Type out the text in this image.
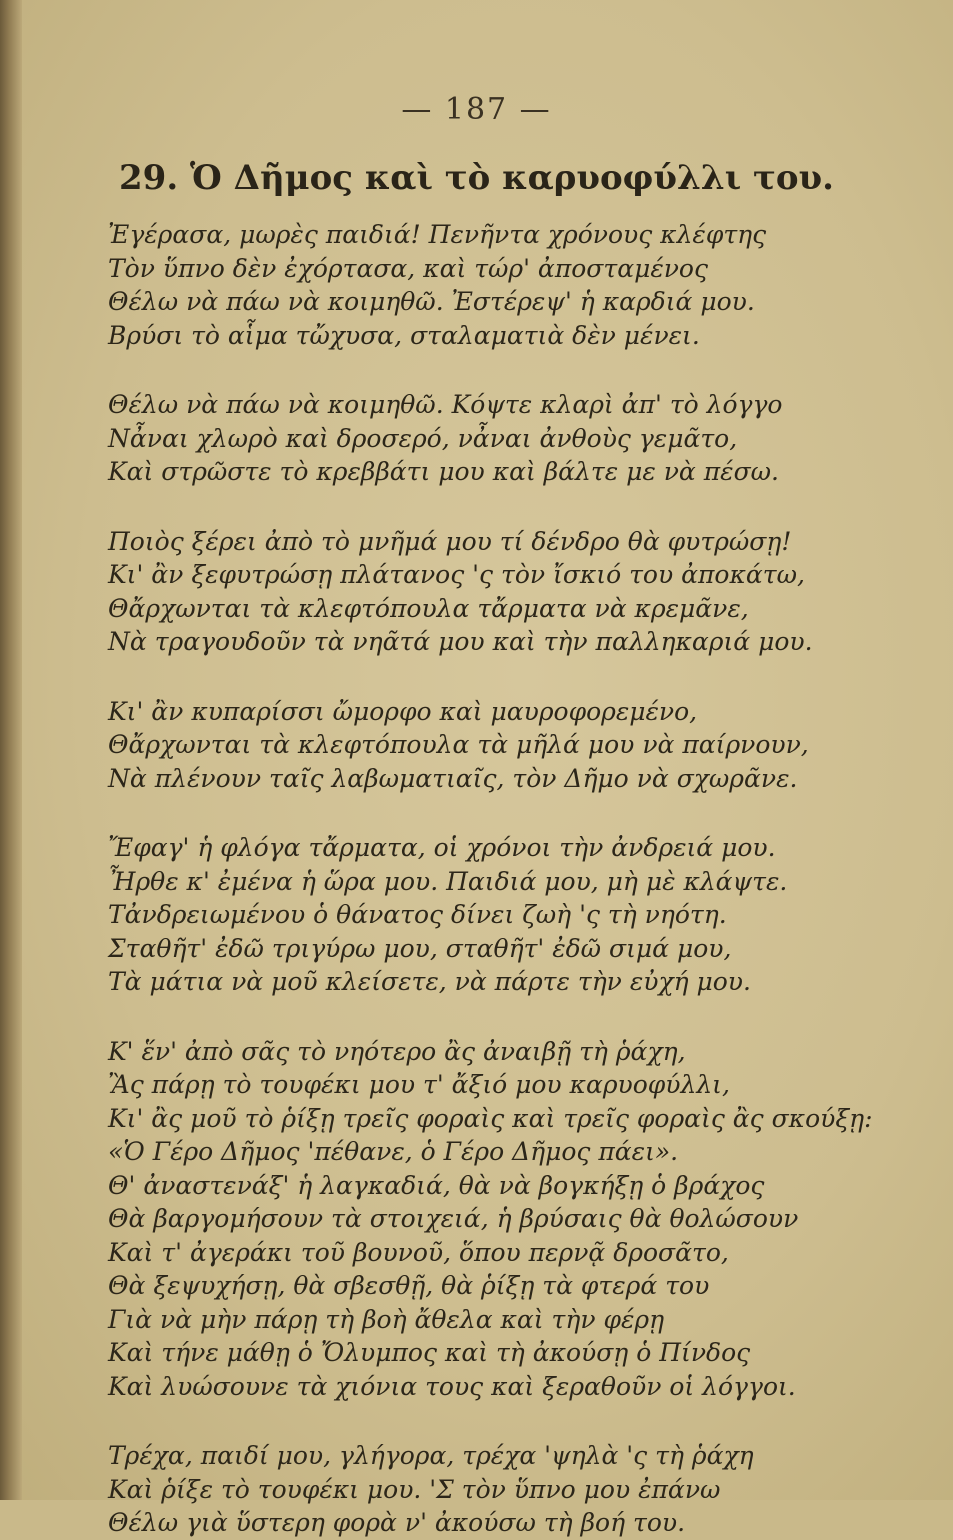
— 187 —
29. Ὁ Δῆμος καὶ τὸ καρυοφύλλι του.
Ἐγέρασα, μωρὲς παιδιά! Πενῆντα χρόνους κλέφτης
Τὸν ὕπνο δὲν ἐχόρτασα, καὶ τώρ' ἀποσταμένος
Θέλω νὰ πάω νὰ κοιμηθῶ. Ἐστέρεψ' ἡ καρδιά μου.
Βρύσι τὸ αἷμα τὤχυσα, σταλαματιὰ δὲν μένει.
Θέλω νὰ πάω νὰ κοιμηθῶ. Κόψτε κλαρὶ ἀπ' τὸ λόγγο
Νἆναι χλωρὸ καὶ δροσερό, νἆναι ἀνθοὺς γεμᾶτο,
Καὶ στρῶστε τὸ κρεββάτι μου καὶ βάλτε με νὰ πέσω.
Ποιὸς ξέρει ἀπὸ τὸ μνῆμά μου τί δένδρο θὰ φυτρώσῃ!
Κι' ἂν ξεφυτρώσῃ πλάτανος 'ς τὸν ἴσκιό του ἀποκάτω,
Θἄρχωνται τὰ κλεφτόπουλα τἄρματα νὰ κρεμᾶνε,
Νὰ τραγουδοῦν τὰ νηᾶτά μου καὶ τὴν παλληκαριά μου.
Κι' ἂν κυπαρίσσι ὤμορφο καὶ μαυροφορεμένο,
Θἄρχωνται τὰ κλεφτόπουλα τὰ μῆλά μου νὰ παίρνουν,
Νὰ πλένουν ταῖς λαβωματιαῖς, τὸν Δῆμο νὰ σχωρᾶνε.
Ἔφαγ' ἡ φλόγα τἄρματα, οἱ χρόνοι τὴν ἀνδρειά μου.
Ἦρθε κ' ἐμένα ἡ ὥρα μου. Παιδιά μου, μὴ μὲ κλάψτε.
Τἀνδρειωμένου ὁ θάνατος δίνει ζωὴ 'ς τὴ νηότη.
Σταθῆτ' ἐδῶ τριγύρω μου, σταθῆτ' ἐδῶ σιμά μου,
Τὰ μάτια νὰ μοῦ κλείσετε, νὰ πάρτε τὴν εὐχή μου.
Κ' ἕν' ἀπὸ σᾶς τὸ νηότερο ἂς ἀναιβῇ τὴ ῥάχη,
Ἂς πάρῃ τὸ τουφέκι μου τ' ἄξιό μου καρυοφύλλι,
Κι' ἂς μοῦ τὸ ῥίξῃ τρεῖς φοραὶς καὶ τρεῖς φοραὶς ἂς σκούξῃ:
«Ὁ Γέρο Δῆμος 'πέθανε, ὁ Γέρο Δῆμος πάει».
Θ' ἀναστενάξ' ἡ λαγκαδιά, θὰ νὰ βογκήξῃ ὁ βράχος
Θὰ βαργομήσουν τὰ στοιχειά, ἡ βρύσαις θὰ θολώσουν
Καὶ τ' ἀγεράκι τοῦ βουνοῦ, ὅπου περνᾷ δροσᾶτο,
Θὰ ξεψυχήσῃ, θὰ σβεσθῇ, θὰ ῥίξῃ τὰ φτερά του
Γιὰ νὰ μὴν πάρῃ τὴ βοὴ ἄθελα καὶ τὴν φέρῃ
Καὶ τήνε μάθῃ ὁ Ὄλυμπος καὶ τὴ ἀκούσῃ ὁ Πίνδος
Καὶ λυώσουνε τὰ χιόνια τους καὶ ξεραθοῦν οἱ λόγγοι.
Τρέχα, παιδί μου, γλήγορα, τρέχα 'ψηλὰ 'ς τὴ ῥάχη
Καὶ ῥίξε τὸ τουφέκι μου. 'Σ τὸν ὕπνο μου ἐπάνω
Θέλω γιὰ ὕστερη φορὰ ν' ἀκούσω τὴ βοή του.
